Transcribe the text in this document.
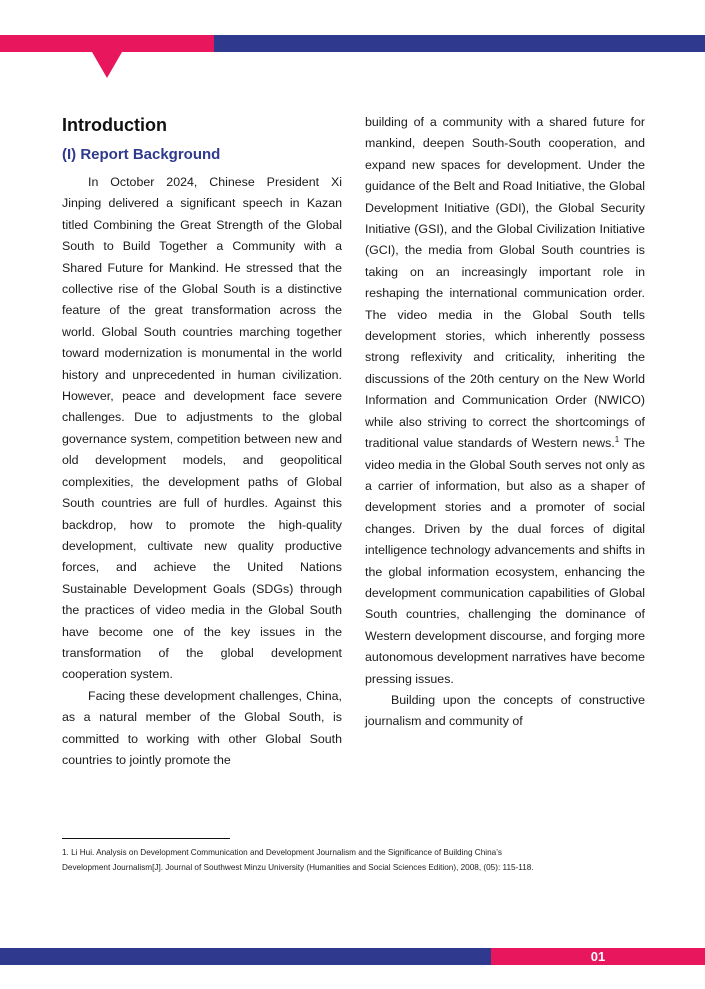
Introduction
(I) Report Background

In October 2024, Chinese President Xi Jinping delivered a significant speech in Kazan titled Combining the Great Strength of the Global South to Build Together a Community with a Shared Future for Mankind. He stressed that the collective rise of the Global South is a distinctive feature of the great transformation across the world. Global South countries marching together toward modernization is monumental in the world history and unprecedented in human civilization. However, peace and development face severe challenges. Due to adjustments to the global governance system, competition between new and old development models, and geopolitical complexities, the development paths of Global South countries are full of hurdles. Against this backdrop, how to promote the high-quality development, cultivate new quality productive forces, and achieve the United Nations Sustainable Development Goals (SDGs) through the practices of video media in the Global South have become one of the key issues in the transformation of the global development cooperation system.

Facing these development challenges, China, as a natural member of the Global South, is committed to working with other Global South countries to jointly promote the

building of a community with a shared future for mankind, deepen South-South cooperation, and expand new spaces for development. Under the guidance of the Belt and Road Initiative, the Global Development Initiative (GDI), the Global Security Initiative (GSI), and the Global Civilization Initiative (GCI), the media from Global South countries is taking on an increasingly important role in reshaping the international communication order. The video media in the Global South tells development stories, which inherently possess strong reflexivity and criticality, inheriting the discussions of the 20th century on the New World Information and Communication Order (NWICO) while also striving to correct the shortcomings of traditional value standards of Western news.$^1$ The video media in the Global South serves not only as a carrier of information, but also as a shaper of development stories and a promoter of social changes. Driven by the dual forces of digital intelligence technology advancements and shifts in the global information ecosystem, enhancing the development communication capabilities of Global South countries, challenging the dominance of Western development discourse, and forging more autonomous development narratives have become pressing issues.

Building upon the concepts of constructive journalism and community of

1. Li Hui. Analysis on Development Communication and Development Journalism and the Significance of Building China’s
Development Journalism[J]. Journal of Southwest Minzu University (Humanities and Social Sciences Edition), 2008, (05): 115-118.
01
